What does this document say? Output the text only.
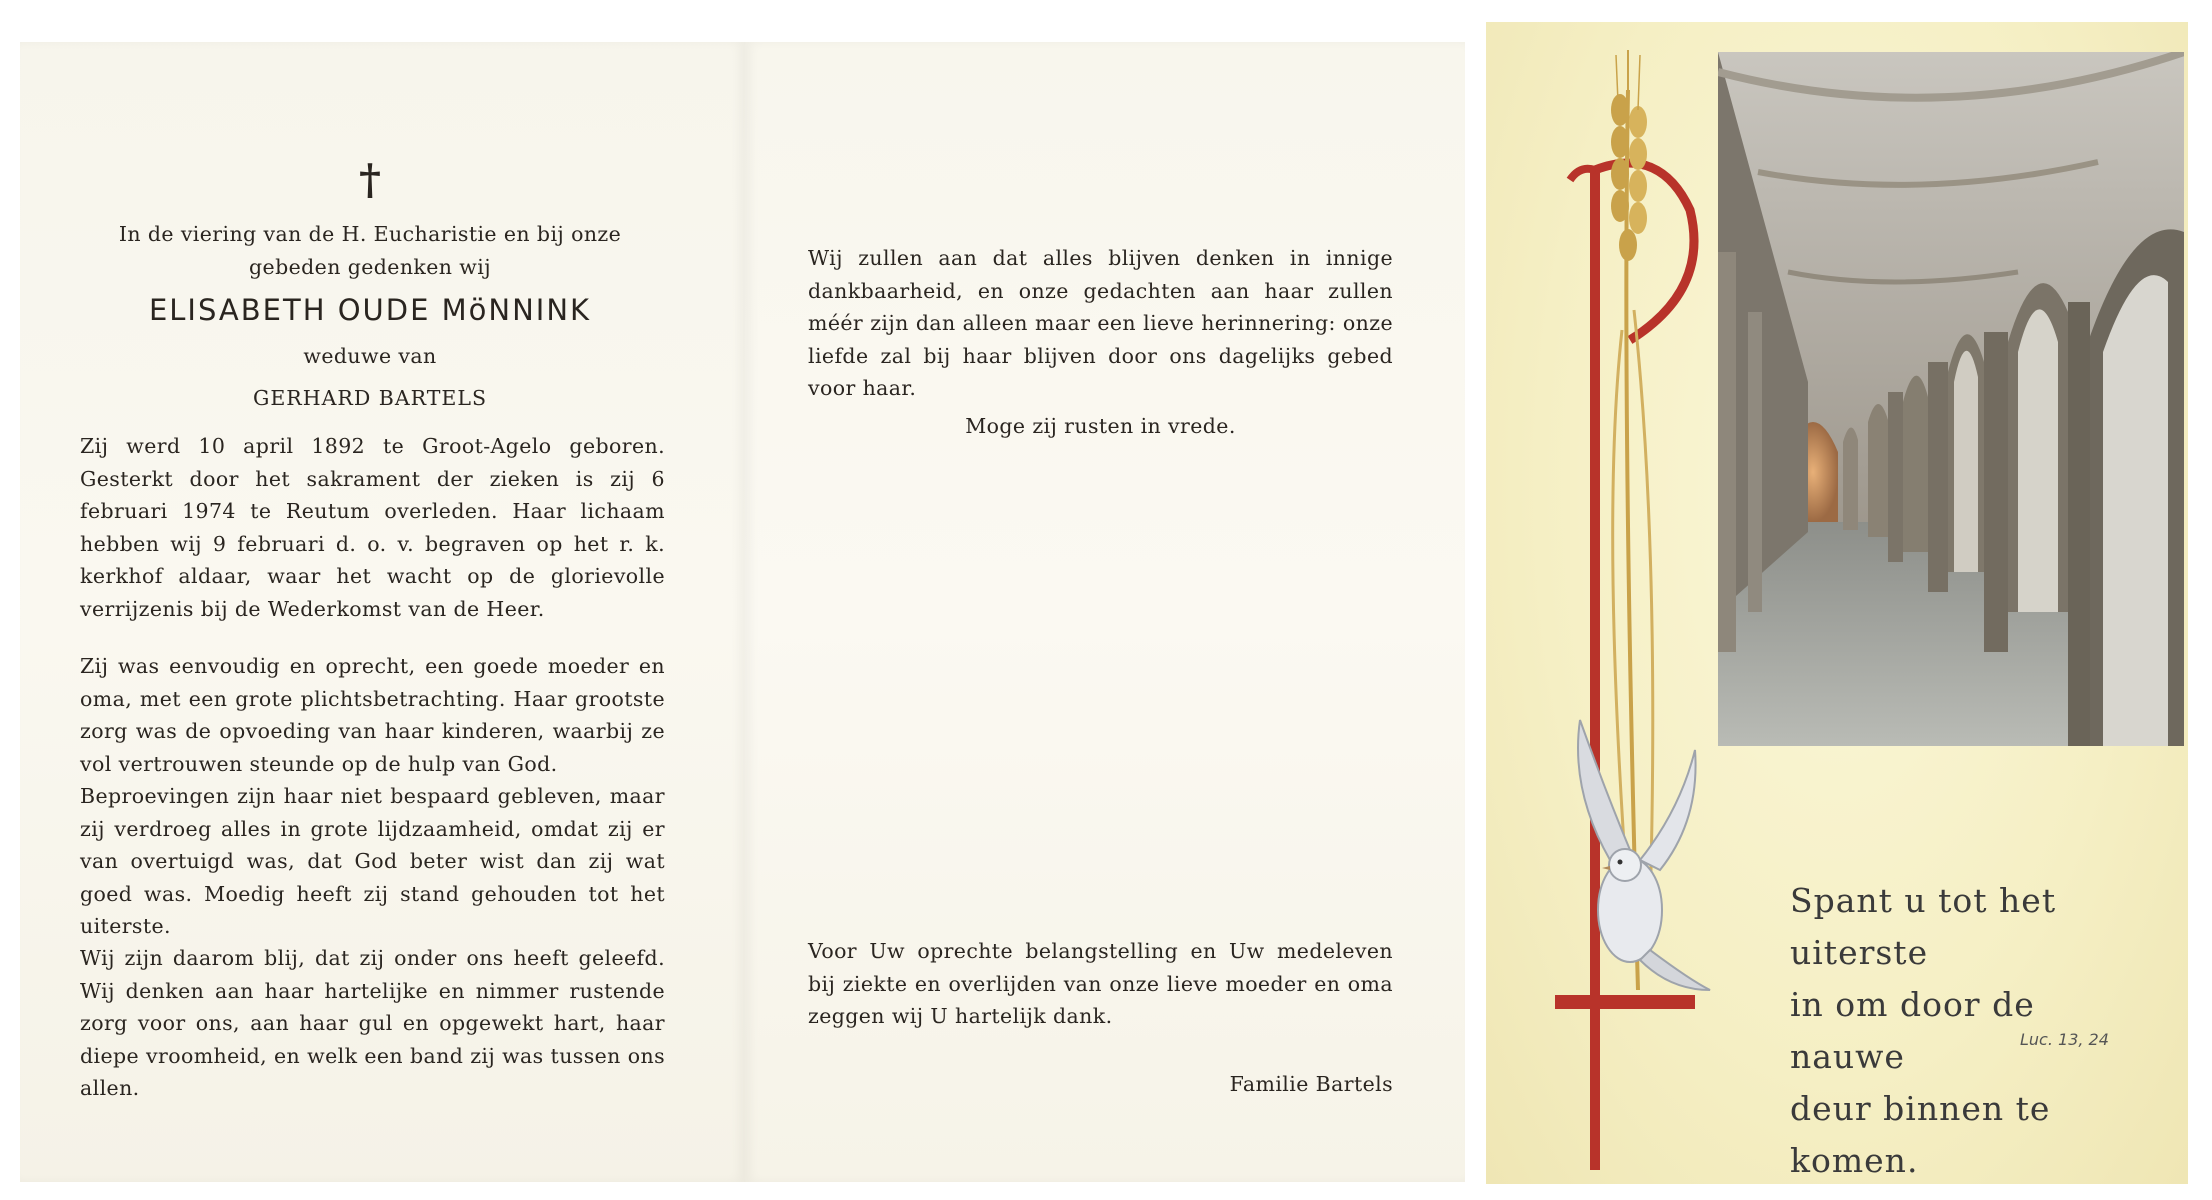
†

In de viering van de H. Eucharistie en bij onze gebeden gedenken wij

ELISABETH OUDE MöNNINK

weduwe van

GERHARD BARTELS

Zij werd 10 april 1892 te Groot-Agelo geboren. Gesterkt door het sakrament der zieken is zij 6 februari 1974 te Reutum overleden. Haar lichaam hebben wij 9 februari d. o. v. begraven op het r. k. kerkhof aldaar, waar het wacht op de glorievolle verrijzenis bij de Wederkomst van de Heer.

Zij was eenvoudig en oprecht, een goede moeder en oma, met een grote plichtsbetrachting. Haar grootste zorg was de opvoeding van haar kinderen, waarbij ze vol vertrouwen steunde op de hulp van God.

Beproevingen zijn haar niet bespaard gebleven, maar zij verdroeg alles in grote lijdzaamheid, omdat zij er van overtuigd was, dat God beter wist dan zij wat goed was. Moedig heeft zij stand gehouden tot het uiterste.

Wij zijn daarom blij, dat zij onder ons heeft geleefd. Wij denken aan haar hartelijke en nimmer rustende zorg voor ons, aan haar gul en opgewekt hart, haar diepe vroomheid, en welk een band zij was tussen ons allen.

Wij zullen aan dat alles blijven denken in innige dankbaarheid, en onze gedachten aan haar zullen méér zijn dan alleen maar een lieve herinnering: onze liefde zal bij haar blijven door ons dagelijks gebed voor haar.

Moge zij rusten in vrede.

Voor Uw oprechte belangstelling en Uw medeleven bij ziekte en overlijden van onze lieve moeder en oma zeggen wij U hartelijk dank.

Familie Bartels

Spant u tot het uiterste
in om door de nauwe
deur binnen te komen.
Luc. 13, 24
